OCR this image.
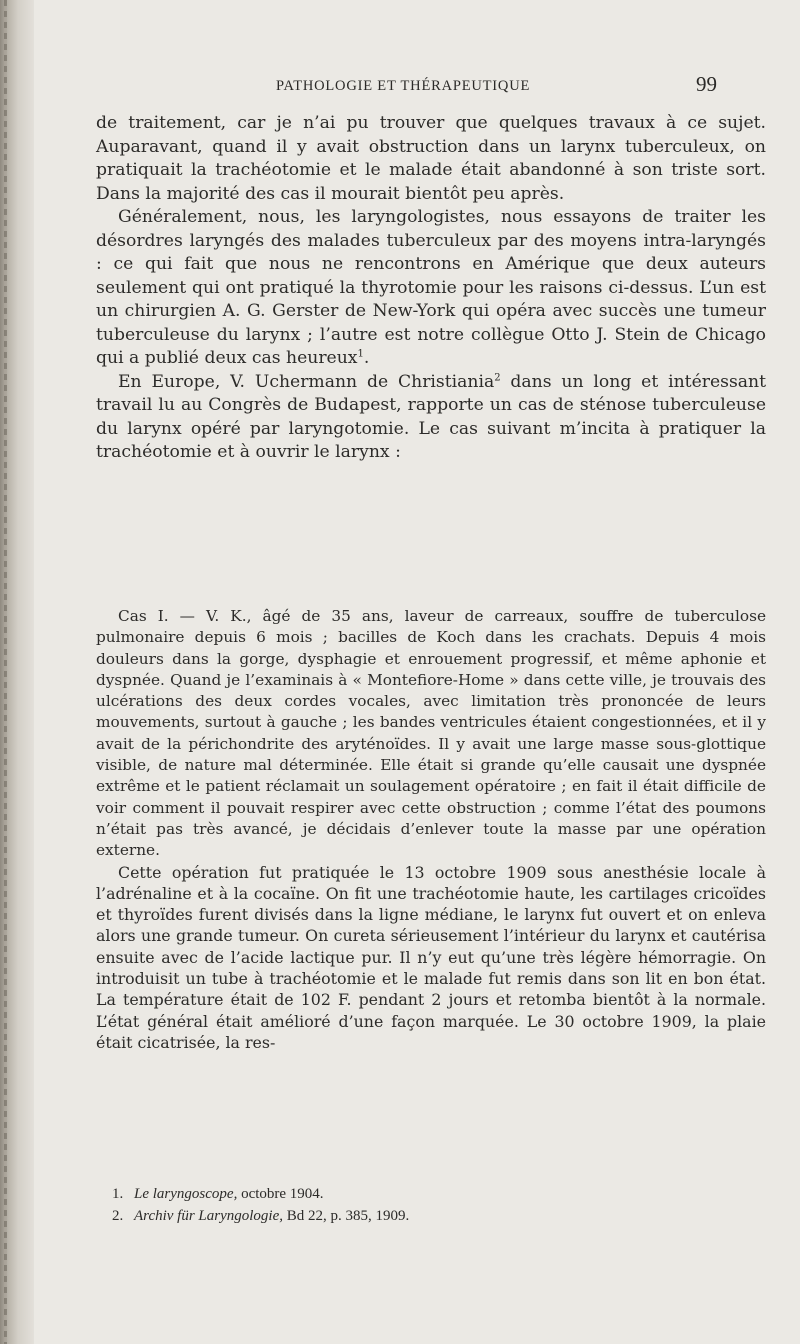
PATHOLOGIE ET THÉRAPEUTIQUE	99

de traitement, car je n’ai pu trouver que quelques travaux à ce sujet. Auparavant, quand il y avait obstruction dans un larynx tuberculeux, on pratiquait la trachéotomie et le malade était abandonné à son triste sort. Dans la majorité des cas il mourait bientôt peu après.

Généralement, nous, les laryngologistes, nous essayons de traiter les désordres laryngés des malades tuberculeux par des moyens intra-laryngés : ce qui fait que nous ne rencontrons en Amérique que deux auteurs seulement qui ont pratiqué la thyrotomie pour les raisons ci-dessus. L’un est un chirurgien A. G. Gerster de New-York qui opéra avec succès une tumeur tuberculeuse du larynx ; l’autre est notre collègue Otto J. Stein de Chicago qui a publié deux cas heureux$^1$.

En Europe, V. Uchermann de Christiania$^2$ dans un long et intéressant travail lu au Congrès de Budapest, rapporte un cas de sténose tuberculeuse du larynx opéré par laryngotomie. Le cas suivant m’incita à pratiquer la trachéotomie et à ouvrir le larynx :

Cas I. — V. K., âgé de 35 ans, laveur de carreaux, souffre de tuberculose pulmonaire depuis 6 mois ; bacilles de Koch dans les crachats. Depuis 4 mois douleurs dans la gorge, dysphagie et enrouement progressif, et même aphonie et dyspnée. Quand je l’examinais à « Montefiore-Home » dans cette ville, je trouvais des ulcérations des deux cordes vocales, avec limitation très prononcée de leurs mouvements, surtout à gauche ; les bandes ventricules étaient congestionnées, et il y avait de la périchondrite des aryténoïdes. Il y avait une large masse sous-glottique visible, de nature mal déterminée. Elle était si grande qu’elle causait une dyspnée extrême et le patient réclamait un soulagement opératoire ; en fait il était difficile de voir comment il pouvait respirer avec cette obstruction ; comme l’état des poumons n’était pas très avancé, je décidais d’enlever toute la masse par une opération externe.

Cette opération fut pratiquée le 13 octobre 1909 sous anesthésie locale à l’adrénaline et à la cocaïne. On fit une trachéotomie haute, les cartilages cricoïdes et thyroïdes furent divisés dans la ligne médiane, le larynx fut ouvert et on enleva alors une grande tumeur. On cureta sérieusement l’intérieur du larynx et cautérisa ensuite avec de l’acide lactique pur. Il n’y eut qu’une très légère hémorragie. On introduisit un tube à trachéotomie et le malade fut remis dans son lit en bon état. La température était de 102 F. pendant 2 jours et retomba bientôt à la normale. L’état général était amélioré d’une façon marquée. Le 30 octobre 1909, la plaie était cicatrisée, la res-

1. Le laryngoscope, octobre 1904.
2. Archiv für Laryngologie, Bd 22, p. 385, 1909.
